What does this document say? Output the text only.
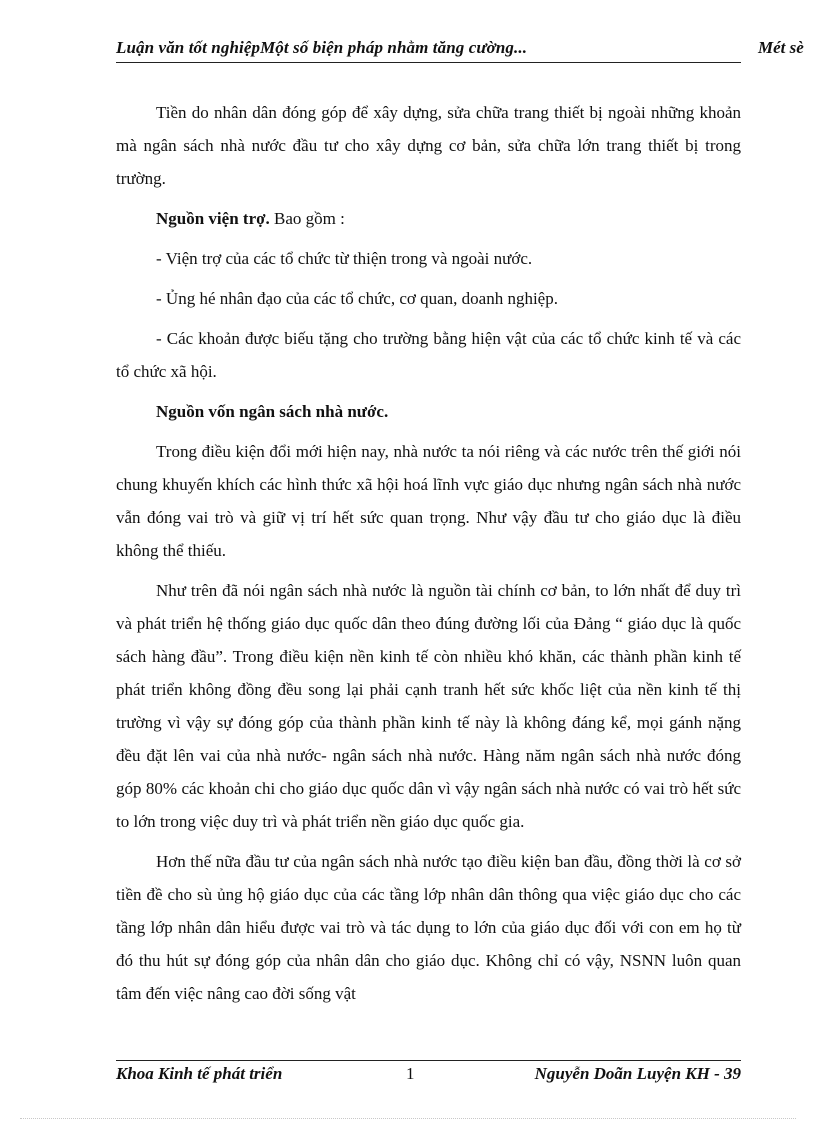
Luận văn tốt nghiệpMột số biện pháp nhằm tăng cường...	Mét sè

Tiền do nhân dân đóng góp để xây dựng, sửa chữa trang thiết bị ngoài những khoản mà ngân sách nhà nước đầu tư cho xây dựng cơ bản, sửa chữa lớn trang thiết bị trong trường.

Nguồn viện trợ. Bao gồm :

- Viện trợ của các tổ chức từ thiện trong và ngoài nước.

- Ủng hé nhân đạo của các tổ chức, cơ quan, doanh nghiệp.

- Các khoản được biếu tặng cho trường bằng hiện vật của các tổ chức kinh tế và các tổ chức xã hội.

Nguồn vốn ngân sách nhà nước.

Trong điều kiện đổi mới hiện nay, nhà nước ta nói riêng và các nước trên thế giới nói chung khuyến khích các hình thức xã hội hoá lĩnh vực giáo dục nhưng ngân sách nhà nước vẫn đóng vai trò và giữ vị trí hết sức quan trọng. Như vậy đầu tư cho giáo dục là điều không thể thiếu.

Như trên đã nói ngân sách nhà nước là nguồn tài chính cơ bản, to lớn nhất để duy trì và phát triển hệ thống giáo dục quốc dân theo đúng đường lối của Đảng “ giáo dục là quốc sách hàng đầu”. Trong điều kiện nền kinh tế còn nhiều khó khăn, các thành phần kinh tế phát triển không đồng đều song lại phải cạnh tranh hết sức khốc liệt của nền kinh tế thị trường vì vậy sự đóng góp của thành phần kinh tế này là không đáng kể, mọi gánh nặng đều đặt lên vai của nhà nước- ngân sách nhà nước. Hàng năm ngân sách nhà nước đóng góp 80% các khoản chi cho giáo dục quốc dân vì vậy ngân sách nhà nước có vai trò hết sức to lớn trong việc duy trì và phát triển nền giáo dục quốc gia.

Hơn thế nữa đầu tư của ngân sách nhà nước tạo điều kiện ban đầu, đồng thời là cơ sở tiền đề cho sù ủng hộ giáo dục của các tầng lớp nhân dân thông qua việc giáo dục cho các tầng lớp nhân dân hiểu được vai trò và tác dụng to lớn của giáo dục đối với con em họ từ đó thu hút sự đóng góp của nhân dân cho giáo dục. Không chỉ có vậy, NSNN luôn quan tâm đến việc nâng cao đời sống vật

Khoa Kinh tế phát triển	1	Nguyễn Doãn Luyện KH - 39
